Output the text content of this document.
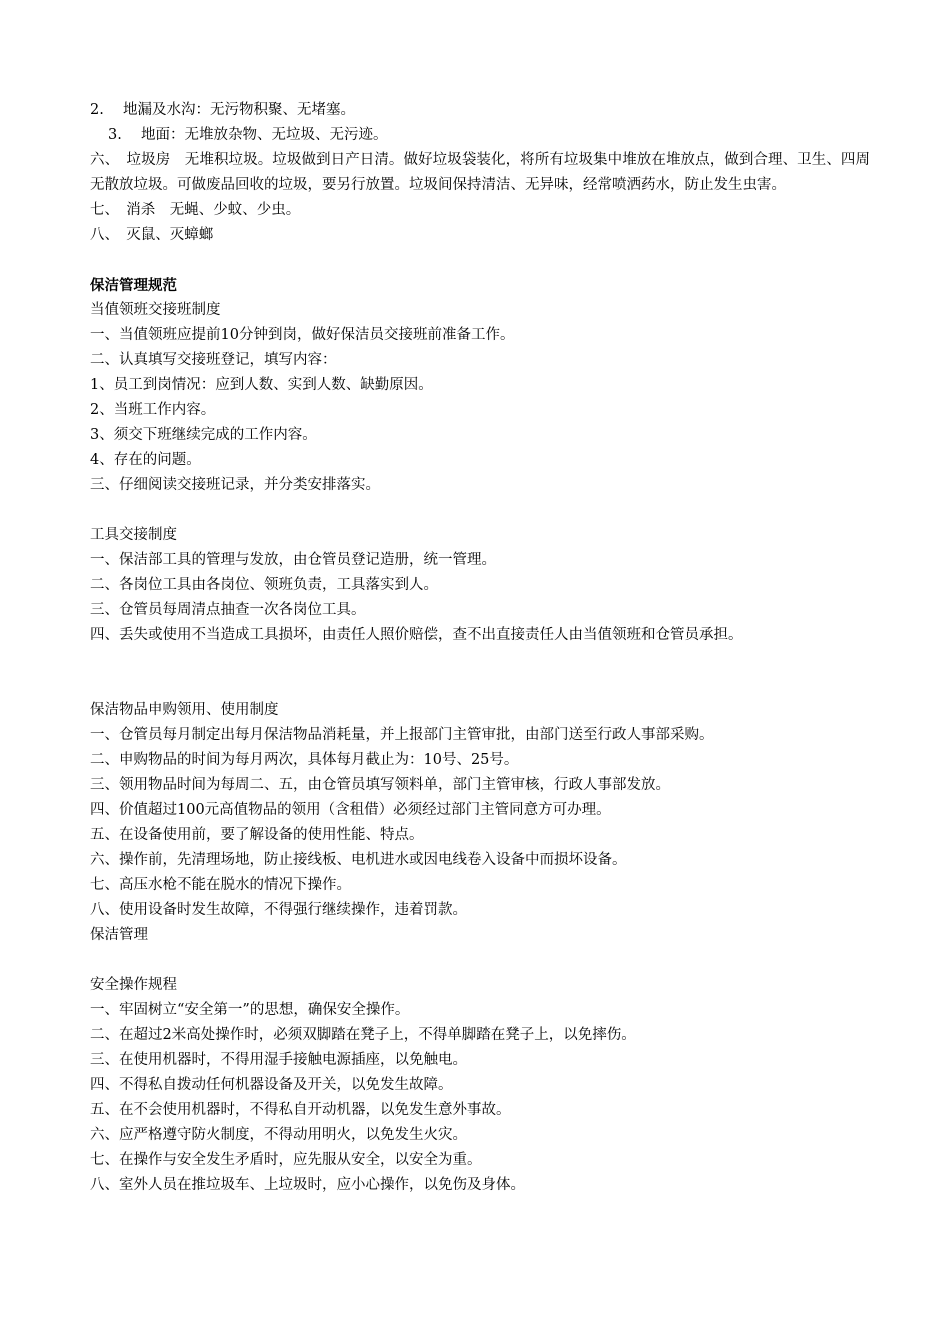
2. 　地漏及水沟：无污物积聚、无堵塞。
3. 　地面：无堆放杂物、无垃圾、无污迹。
六、　垃圾房　无堆积垃圾。垃圾做到日产日清。做好垃圾袋装化，将所有垃圾集中堆放在堆放点，做到合理、卫生、四周无散放垃圾。可做废品回收的垃圾，要另行放置。垃圾间保持清洁、无异味，经常喷洒药水，防止发生虫害。
七、　消杀　无蝇、少蚊、少虫。
八、　灭鼠、灭蟑螂
保洁管理规范
当值领班交接班制度
一、当值领班应提前10分钟到岗，做好保洁员交接班前准备工作。
二、认真填写交接班登记，填写内容：
1、员工到岗情况：应到人数、实到人数、缺勤原因。
2、当班工作内容。
3、须交下班继续完成的工作内容。
4、存在的问题。
三、仔细阅读交接班记录，并分类安排落实。
工具交接制度
一、保洁部工具的管理与发放，由仓管员登记造册，统一管理。
二、各岗位工具由各岗位、领班负责，工具落实到人。
三、仓管员每周清点抽查一次各岗位工具。
四、丢失或使用不当造成工具损坏，由责任人照价赔偿，查不出直接责任人由当值领班和仓管员承担。
保洁物品申购领用、使用制度
一、仓管员每月制定出每月保洁物品消耗量，并上报部门主管审批，由部门送至行政人事部采购。
二、申购物品的时间为每月两次，具体每月截止为：10号、25号。
三、领用物品时间为每周二、五，由仓管员填写领料单，部门主管审核，行政人事部发放。
四、价值超过100元高值物品的领用（含租借）必须经过部门主管同意方可办理。
五、在设备使用前，要了解设备的使用性能、特点。
六、操作前，先清理场地，防止接线板、电机进水或因电线卷入设备中而损坏设备。
七、高压水枪不能在脱水的情况下操作。
八、使用设备时发生故障，不得强行继续操作，违着罚款。
保洁管理
安全操作规程
一、牢固树立“安全第一”的思想，确保安全操作。
二、在超过2米高处操作时，必须双脚踏在凳子上，不得单脚踏在凳子上，以免摔伤。
三、在使用机器时，不得用湿手接触电源插座，以免触电。
四、不得私自拨动任何机器设备及开关，以免发生故障。
五、在不会使用机器时，不得私自开动机器，以免发生意外事故。
六、应严格遵守防火制度，不得动用明火，以免发生火灾。
七、在操作与安全发生矛盾时，应先服从安全，以安全为重。
八、室外人员在推垃圾车、上垃圾时，应小心操作，以免伤及身体。
